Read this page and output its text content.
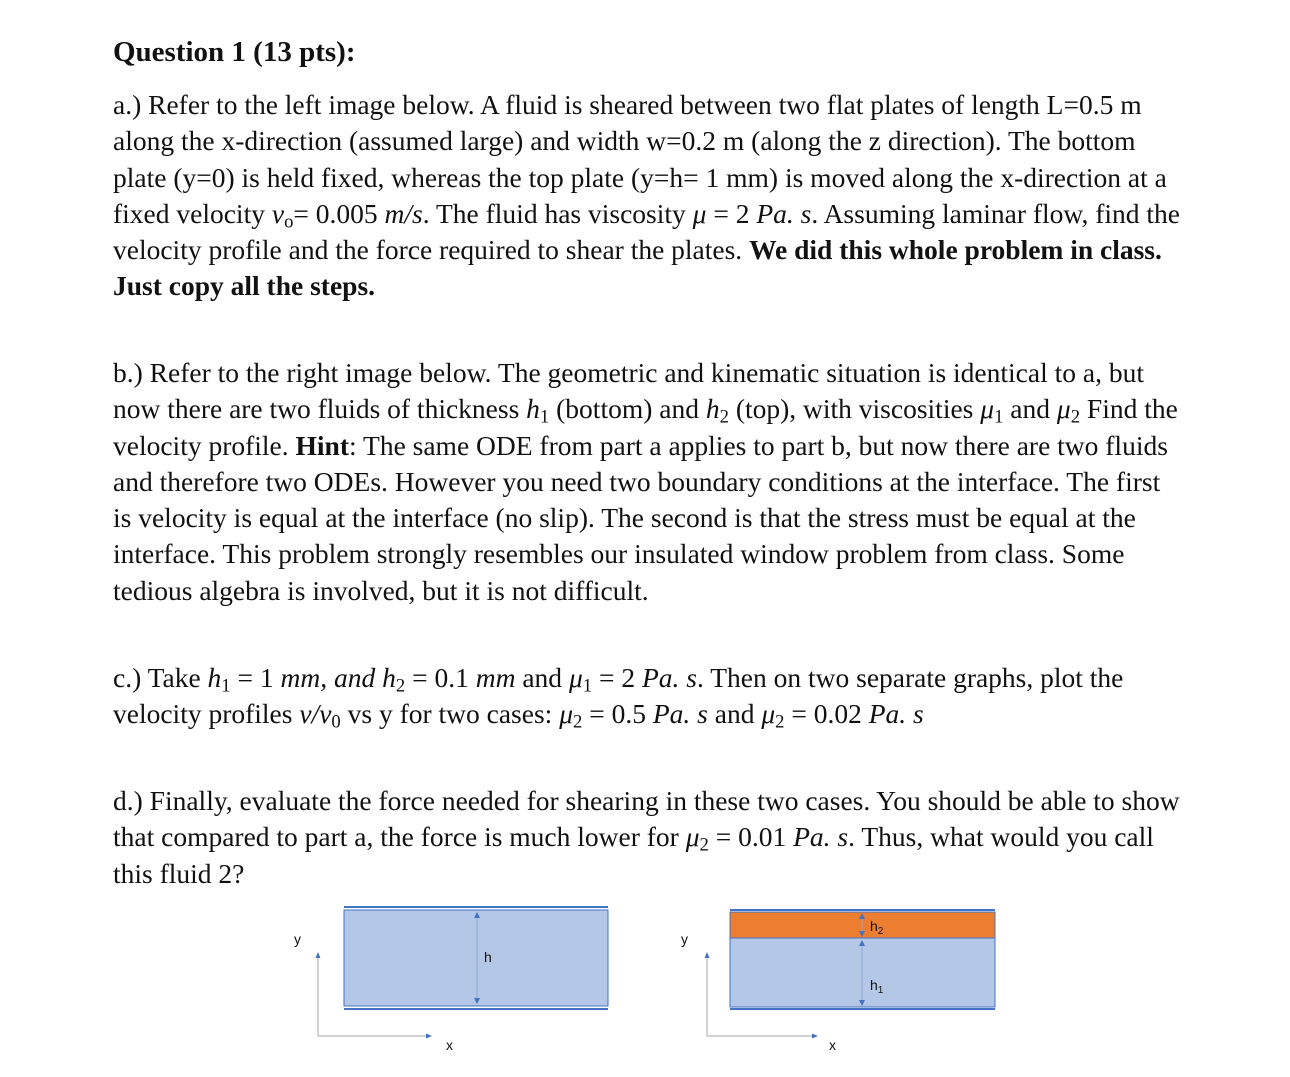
Question 1 (13 pts):
a.) Refer to the left image below. A fluid is sheared between two flat plates of length L=0.5 m along the x-direction (assumed large) and width w=0.2 m (along the z direction). The bottom plate (y=0) is held fixed, whereas the top plate (y=h= 1 mm) is moved along the x-direction at a fixed velocity $v_o= 0.005$ m/s. The fluid has viscosity μ = 2 Pa. s. Assuming laminar flow, find the velocity profile and the force required to shear the plates. We did this whole problem in class. Just copy all the steps.
b.) Refer to the right image below. The geometric and kinematic situation is identical to a, but now there are two fluids of thickness $h_1$ (bottom) and $h_2$ (top), with viscosities $\mu_1$ and $\mu_2$ Find the velocity profile. Hint: The same ODE from part a applies to part b, but now there are two fluids and therefore two ODEs. However you need two boundary conditions at the interface. The first is velocity is equal at the interface (no slip). The second is that the stress must be equal at the interface. This problem strongly resembles our insulated window problem from class. Some tedious algebra is involved, but it is not difficult.
c.) Take $h_1 = 1$ mm, and $h_2 = 0.1$ mm and $\mu_1 = 2$ Pa. s. Then on two separate graphs, plot the velocity profiles $v/v_0$ vs y for two cases: $\mu_2 = 0.5$ Pa. s and $\mu_2 = 0.02$ Pa. s
d.) Finally, evaluate the force needed for shearing in these two cases. You should be able to show that compared to part a, the force is much lower for $\mu_2 = 0.01$ Pa. s. Thus, what would you call this fluid 2?
h
y
x
$h_2$
$h_1$
y
x
